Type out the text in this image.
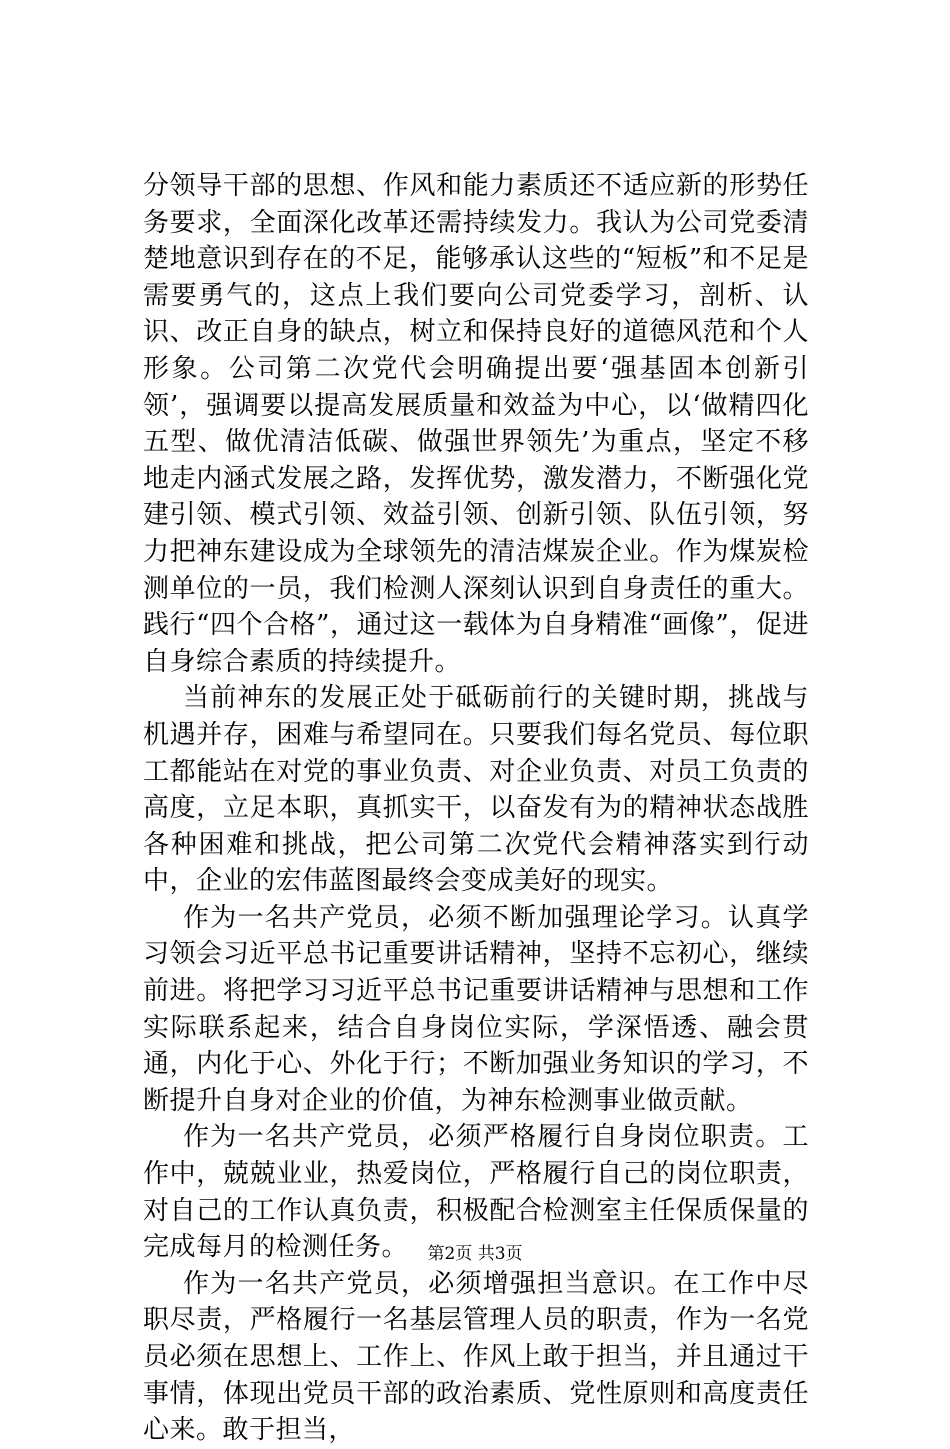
分领导干部的思想、作风和能力素质还不适应新的形势任务要求，全面深化改革还需持续发力。我认为公司党委清楚地意识到存在的不足，能够承认这些的“短板”和不足是需要勇气的，这点上我们要向公司党委学习，剖析、认识、改正自身的缺点，树立和保持良好的道德风范和个人形象。公司第二次党代会明确提出要‘强基固本创新引领’，强调要以提高发展质量和效益为中心，以‘做精四化五型、做优清洁低碳、做强世界领先’为重点，坚定不移地走内涵式发展之路，发挥优势，激发潜力，不断强化党建引领、模式引领、效益引领、创新引领、队伍引领，努力把神东建设成为全球领先的清洁煤炭企业。作为煤炭检测单位的一员，我们检测人深刻认识到自身责任的重大。践行“四个合格”，通过这一载体为自身精准“画像”，促进自身综合素质的持续提升。

当前神东的发展正处于砥砺前行的关键时期，挑战与机遇并存，困难与希望同在。只要我们每名党员、每位职工都能站在对党的事业负责、对企业负责、对员工负责的高度，立足本职，真抓实干，以奋发有为的精神状态战胜各种困难和挑战，把公司第二次党代会精神落实到行动中，企业的宏伟蓝图最终会变成美好的现实。

作为一名共产党员，必须不断加强理论学习。认真学习领会习近平总书记重要讲话精神，坚持不忘初心，继续前进。将把学习习近平总书记重要讲话精神与思想和工作实际联系起来，结合自身岗位实际，学深悟透、融会贯通，内化于心、外化于行；不断加强业务知识的学习，不断提升自身对企业的价值，为神东检测事业做贡献。

作为一名共产党员，必须严格履行自身岗位职责。工作中，兢兢业业，热爱岗位，严格履行自己的岗位职责，对自己的工作认真负责，积极配合检测室主任保质保量的完成每月的检测任务。

作为一名共产党员，必须增强担当意识。在工作中尽职尽责，严格履行一名基层管理人员的职责，作为一名党员必须在思想上、工作上、作风上敢于担当，并且通过干事情，体现出党员干部的政治素质、党性原则和高度责任心来。敢于担当，

第2页 共3页
